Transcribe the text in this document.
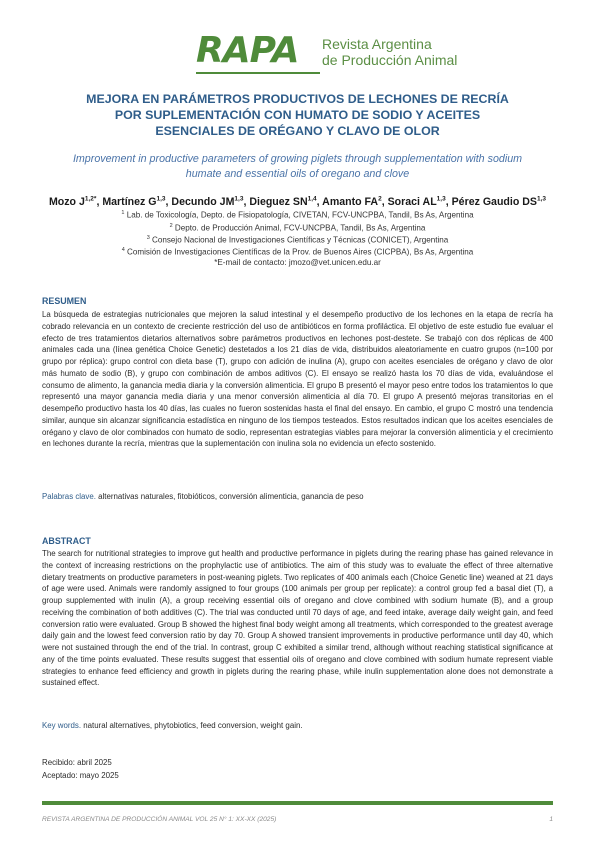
RAPA	Revista Argentina
de Producción Animal
MEJORA EN PARÁMETROS PRODUCTIVOS DE LECHONES DE RECRÍA
POR SUPLEMENTACIÓN CON HUMATO DE SODIO Y ACEITES
ESENCIALES DE ORÉGANO Y CLAVO DE OLOR
Improvement in productive parameters of growing piglets through supplementation with sodium
humate and essential oils of oregano and clove
Mozo $J^{1,2*}$, Martínez G$^{1,3}$, Decundo JM$^{1,3}$, Dieguez SN$^{1,4}$, Amanto $FA^2$, Soraci AL$^{1,3}$, Pérez Gaudio DS$^{1,3}$
$^1$ Lab. de Toxicología, Depto. de Fisiopatología, CIVETAN, FCV-UNCPBA, Tandil, Bs As, Argentina
$^2$ Depto. de Producción Animal, FCV-UNCPBA, Tandil, Bs As, Argentina
$^3$ Consejo Nacional de Investigaciones Científicas y Técnicas (CONICET), Argentina
$^4$ Comisión de Investigaciones Científicas de la Prov. de Buenos Aires (CICPBA), Bs As, Argentina
*E-mail de contacto: jmozo@vet.unicen.edu.ar
RESUMEN
La búsqueda de estrategias nutricionales que mejoren la salud intestinal y el desempeño productivo de los lechones en la etapa de recría ha cobrado relevancia en un contexto de creciente restricción del uso de antibióticos en forma profiláctica. El objetivo de este estudio fue evaluar el efecto de tres tratamientos dietarios alternativos sobre parámetros productivos en lechones post-destete. Se trabajó con dos réplicas de 400 animales cada una (línea genética Choice Genetic) destetados a los 21 días de vida, distribuidos aleatoriamente en cuatro grupos (n=100 por grupo por réplica): grupo control con dieta base (T), grupo con adición de inulina (A), grupo con aceites esenciales de orégano y clavo de olor más humato de sodio (B), y grupo con combinación de ambos aditivos (C). El ensayo se realizó hasta los 70 días de vida, evaluándose el consumo de alimento, la ganancia media diaria y la conversión alimenticia. El grupo B presentó el mayor peso entre todos los tratamientos lo que representó una mayor ganancia media diaria y una menor conversión alimenticia al día 70. El grupo A presentó mejoras transitorias en el desempeño productivo hasta los 40 días, las cuales no fueron sostenidas hasta el final del ensayo. En cambio, el grupo C mostró una tendencia similar, aunque sin alcanzar significancia estadística en ninguno de los tiempos testeados. Estos resultados indican que los aceites esenciales de orégano y clavo de olor combinados con humato de sodio, representan estrategias viables para mejorar la conversión alimenticia y el crecimiento en lechones durante la recría, mientras que la suplementación con inulina sola no evidencia un efecto sostenido.
Palabras clave. alternativas naturales, fitobióticos, conversión alimenticia, ganancia de peso
ABSTRACT
The search for nutritional strategies to improve gut health and productive performance in piglets during the rearing phase has gained relevance in the context of increasing restrictions on the prophylactic use of antibiotics. The aim of this study was to evaluate the effect of three alternative dietary treatments on productive parameters in post-weaning piglets. Two replicates of 400 animals each (Choice Genetic line) weaned at 21 days of age were used. Animals were randomly assigned to four groups (100 animals per group per replicate): a control group fed a basal diet (T), a group supplemented with inulin (A), a group receiving essential oils of oregano and clove combined with sodium humate (B), and a group receiving the combination of both additives (C). The trial was conducted until 70 days of age, and feed intake, average daily weight gain, and feed conversion ratio were evaluated. Group B showed the highest final body weight among all treatments, which corresponded to the greatest average daily gain and the lowest feed conversion ratio by day 70. Group A showed transient improvements in productive performance until day 40, which were not sustained through the end of the trial. In contrast, group C exhibited a similar trend, although without reaching statistical significance at any of the time points evaluated. These results suggest that essential oils of oregano and clove combined with sodium humate represent viable strategies to enhance feed efficiency and growth in piglets during the rearing phase, while inulin supplementation alone does not demonstrate a sustained effect.
Key words. natural alternatives, phytobiotics, feed conversion, weight gain.
Recibido: abril 2025
Aceptado: mayo 2025
REVISTA ARGENTINA DE PRODUCCIÓN ANIMAL VOL 25 N° 1: XX-XX (2025)	1
